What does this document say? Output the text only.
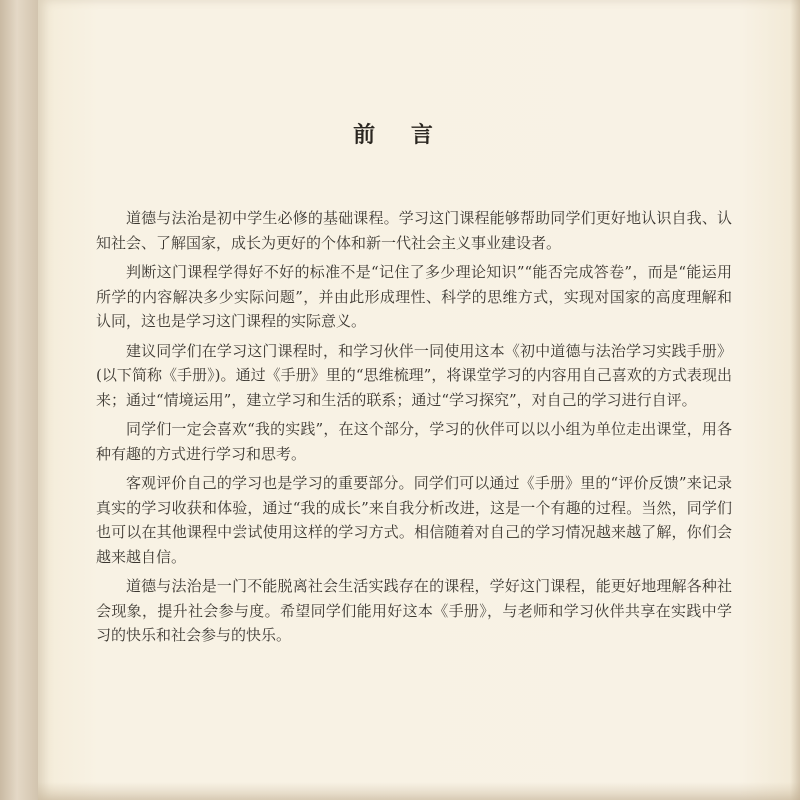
前 言

道德与法治是初中学生必修的基础课程。学习这门课程能够帮助同学们更好地认识自我、认知社会、了解国家，成长为更好的个体和新一代社会主义事业建设者。

判断这门课程学得好不好的标准不是“记住了多少理论知识”“能否完成答卷”，而是“能运用所学的内容解决多少实际问题”，并由此形成理性、科学的思维方式，实现对国家的高度理解和认同，这也是学习这门课程的实际意义。

建议同学们在学习这门课程时，和学习伙伴一同使用这本《初中道德与法治学习实践手册》(以下简称《手册》)。通过《手册》里的“思维梳理”，将课堂学习的内容用自己喜欢的方式表现出来；通过“情境运用”，建立学习和生活的联系；通过“学习探究”，对自己的学习进行自评。

同学们一定会喜欢“我的实践”，在这个部分，学习的伙伴可以以小组为单位走出课堂，用各种有趣的方式进行学习和思考。

客观评价自己的学习也是学习的重要部分。同学们可以通过《手册》里的“评价反馈”来记录真实的学习收获和体验，通过“我的成长”来自我分析改进，这是一个有趣的过程。当然，同学们也可以在其他课程中尝试使用这样的学习方式。相信随着对自己的学习情况越来越了解，你们会越来越自信。

道德与法治是一门不能脱离社会生活实践存在的课程，学好这门课程，能更好地理解各种社会现象，提升社会参与度。希望同学们能用好这本《手册》，与老师和学习伙伴共享在实践中学习的快乐和社会参与的快乐。
